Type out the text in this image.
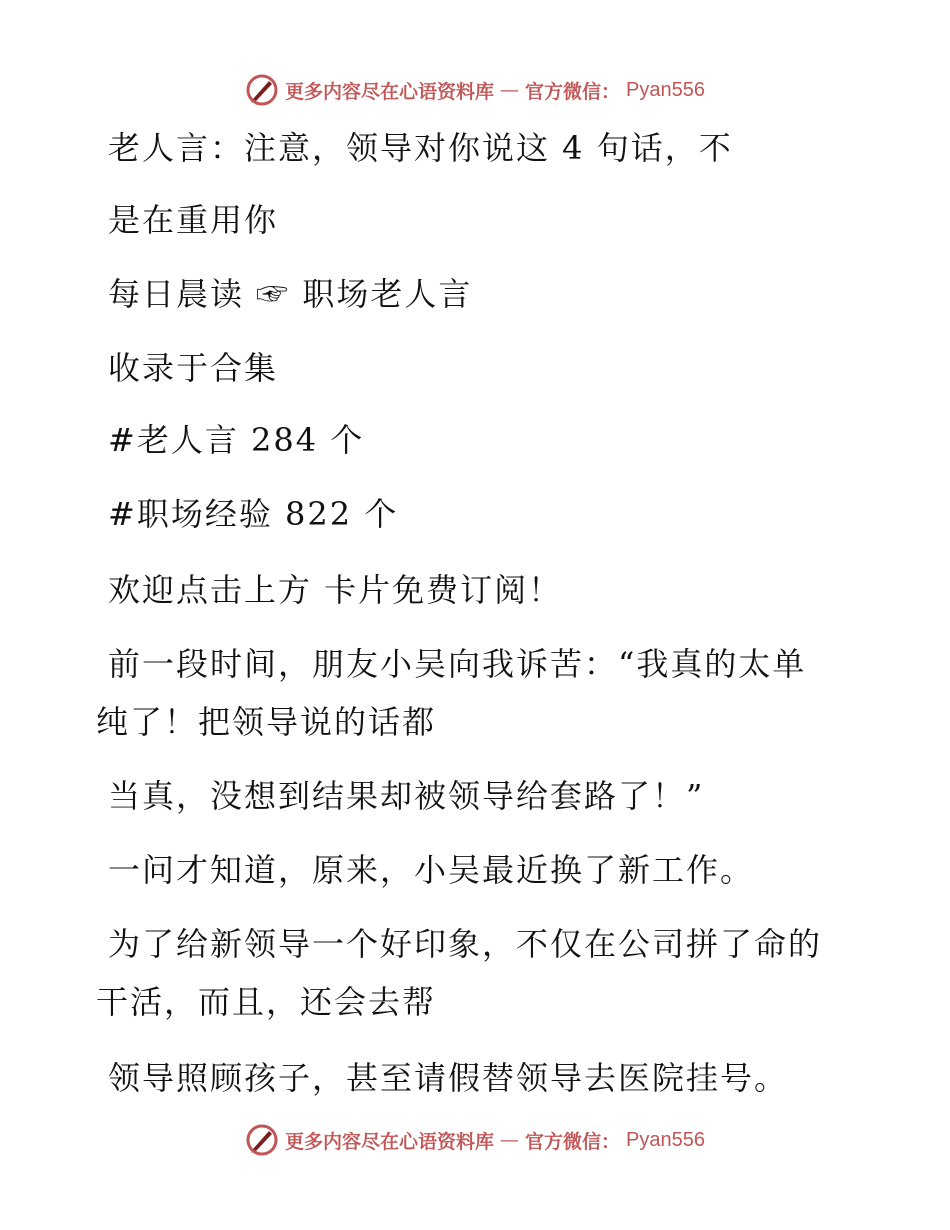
更多内容尽在心语资料库 — 官方微信： Pyan556
老人言：注意，领导对你说这 4 句话，不
是在重用你
每日晨读 ☞ 职场老人言
收录于合集
#老人言 284 个
#职场经验 822 个
欢迎点击上方 卡片免费订阅！
前一段时间，朋友小吴向我诉苦：“我真的太单
纯了！把领导说的话都
当真，没想到结果却被领导给套路了！”
一问才知道，原来，小吴最近换了新工作。
为了给新领导一个好印象，不仅在公司拼了命的
干活，而且，还会去帮
领导照顾孩子，甚至请假替领导去医院挂号。
更多内容尽在心语资料库 — 官方微信： Pyan556
